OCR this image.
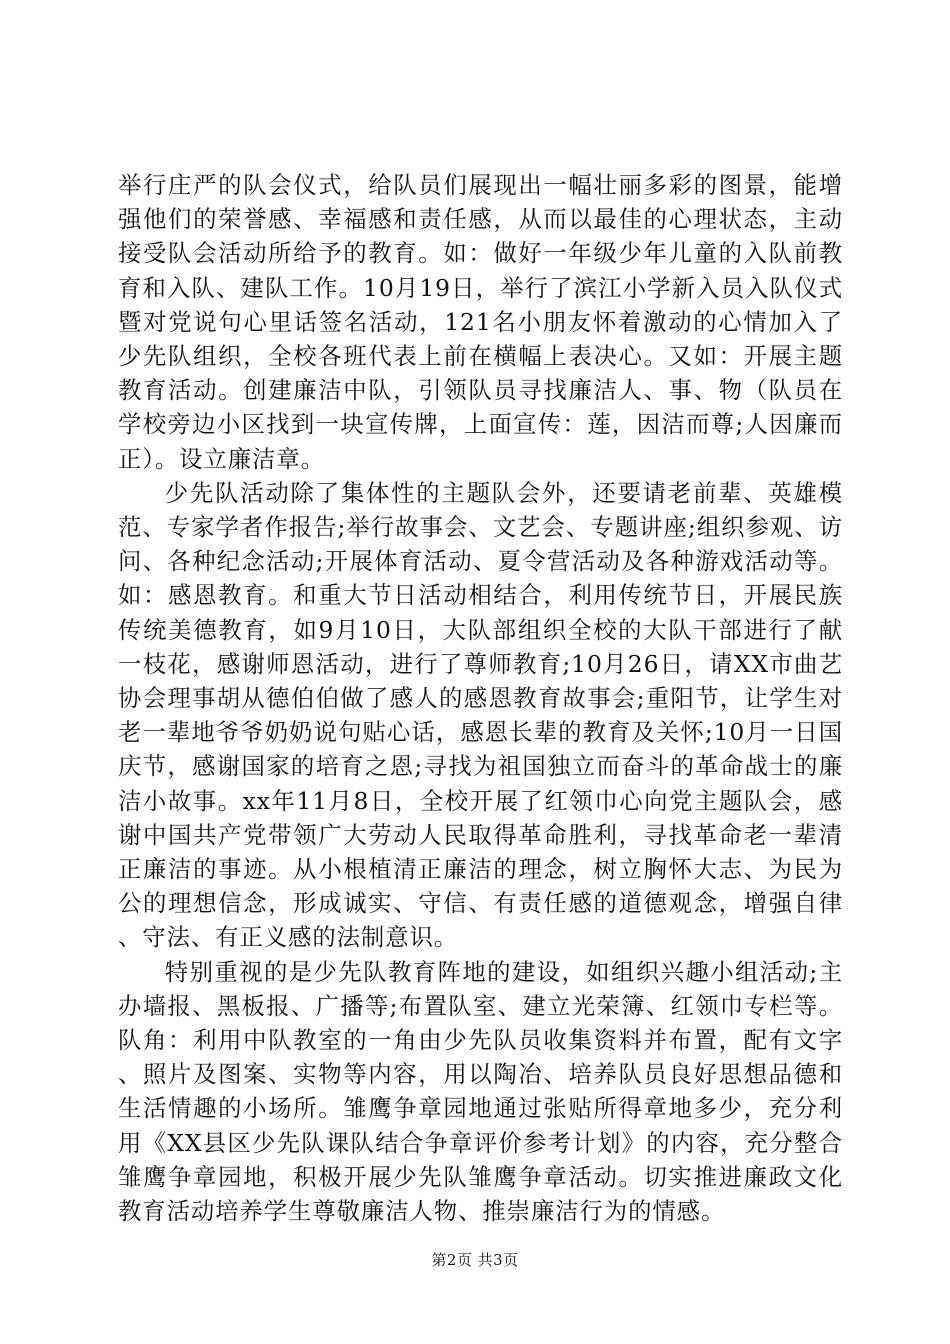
举行庄严的队会仪式，给队员们展现出一幅壮丽多彩的图景，能增强他们的荣誉感、幸福感和责任感，从而以最佳的心理状态，主动接受队会活动所给予的教育。如：做好一年级少年儿童的入队前教育和入队、建队工作。10月19日，举行了滨江小学新入员入队仪式暨对党说句心里话签名活动，121名小朋友怀着激动的心情加入了少先队组织，全校各班代表上前在横幅上表决心。又如：开展主题教育活动。创建廉洁中队，引领队员寻找廉洁人、事、物（队员在学校旁边小区找到一块宣传牌，上面宣传：莲，因洁而尊;人因廉而正）。设立廉洁章。

少先队活动除了集体性的主题队会外，还要请老前辈、英雄模范、专家学者作报告;举行故事会、文艺会、专题讲座;组织参观、访问、各种纪念活动;开展体育活动、夏令营活动及各种游戏活动等。如：感恩教育。和重大节日活动相结合，利用传统节日，开展民族传统美德教育，如9月10日，大队部组织全校的大队干部进行了献一枝花，感谢师恩活动，进行了尊师教育;10月26日，请XX市曲艺协会理事胡从德伯伯做了感人的感恩教育故事会;重阳节，让学生对老一辈地爷爷奶奶说句贴心话，感恩长辈的教育及关怀;10月一日国庆节，感谢国家的培育之恩;寻找为祖国独立而奋斗的革命战士的廉洁小故事。xx年11月8日，全校开展了红领巾心向党主题队会，感谢中国共产党带领广大劳动人民取得革命胜利，寻找革命老一辈清正廉洁的事迹。从小根植清正廉洁的理念，树立胸怀大志、为民为公的理想信念，形成诚实、守信、有责任感的道德观念，增强自律、守法、有正义感的法制意识。

特别重视的是少先队教育阵地的建设，如组织兴趣小组活动;主办墙报、黑板报、广播等;布置队室、建立光荣簿、红领巾专栏等。队角：利用中队教室的一角由少先队员收集资料并布置，配有文字、照片及图案、实物等内容，用以陶冶、培养队员良好思想品德和生活情趣的小场所。雏鹰争章园地通过张贴所得章地多少，充分利用《XX县区少先队课队结合争章评价参考计划》的内容，充分整合雏鹰争章园地，积极开展少先队雏鹰争章活动。切实推进廉政文化教育活动培养学生尊敬廉洁人物、推崇廉洁行为的情感。

第2页 共3页
